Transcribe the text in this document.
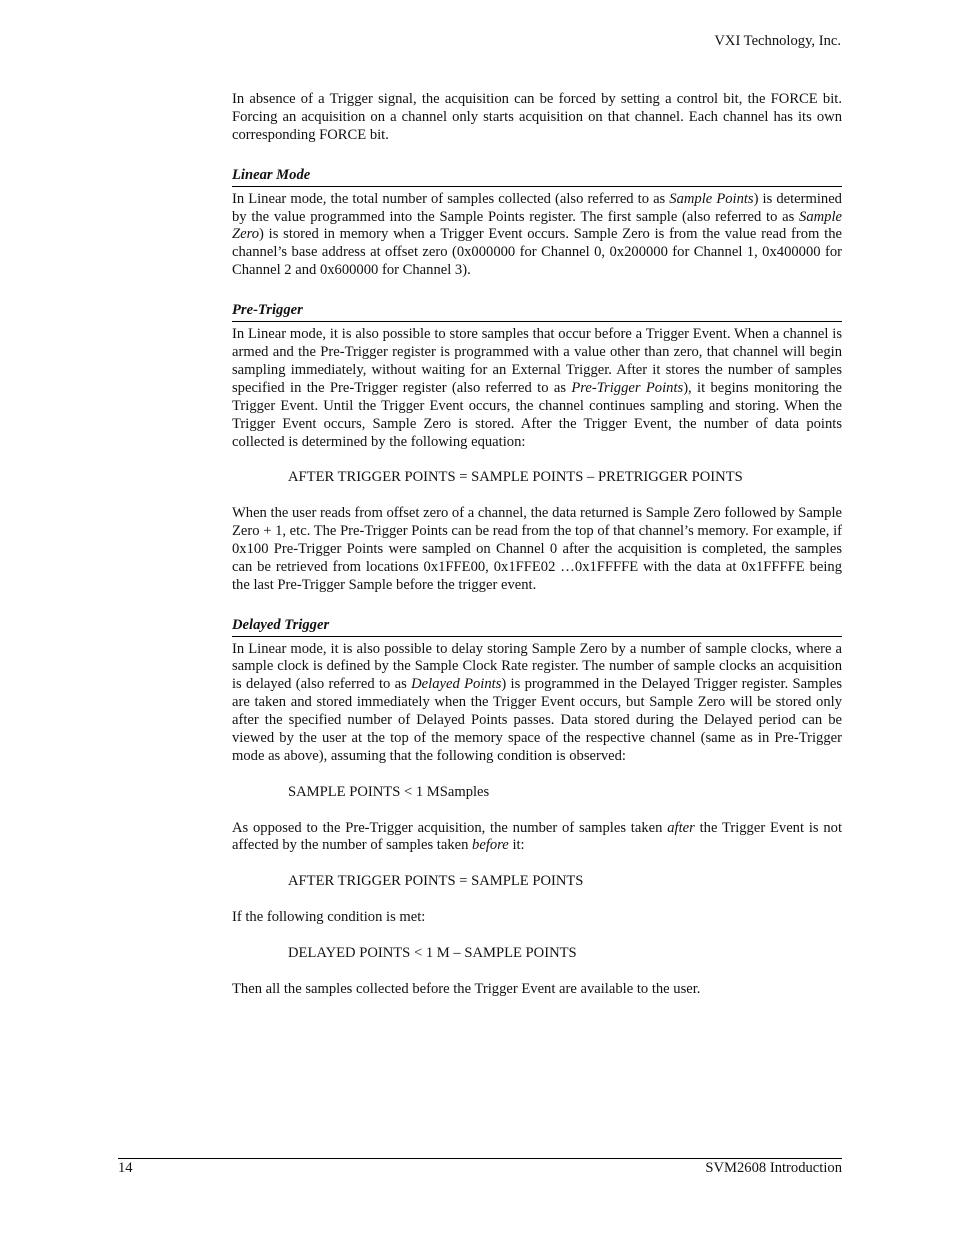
VXI Technology, Inc.

In absence of a Trigger signal, the acquisition can be forced by setting a control bit, the FORCE bit. Forcing an acquisition on a channel only starts acquisition on that channel. Each channel has its own corresponding FORCE bit.

Linear Mode

In Linear mode, the total number of samples collected (also referred to as Sample Points) is determined by the value programmed into the Sample Points register. The first sample (also referred to as Sample Zero) is stored in memory when a Trigger Event occurs. Sample Zero is from the value read from the channel’s base address at offset zero (0x000000 for Channel 0, 0x200000 for Channel 1, 0x400000 for Channel 2 and 0x600000 for Channel 3).

Pre-Trigger

In Linear mode, it is also possible to store samples that occur before a Trigger Event. When a channel is armed and the Pre-Trigger register is programmed with a value other than zero, that channel will begin sampling immediately, without waiting for an External Trigger. After it stores the number of samples specified in the Pre-Trigger register (also referred to as Pre-Trigger Points), it begins monitoring the Trigger Event. Until the Trigger Event occurs, the channel continues sampling and storing. When the Trigger Event occurs, Sample Zero is stored. After the Trigger Event, the number of data points collected is determined by the following equation:

AFTER TRIGGER POINTS = SAMPLE POINTS – PRETRIGGER POINTS

When the user reads from offset zero of a channel, the data returned is Sample Zero followed by Sample Zero + 1, etc. The Pre-Trigger Points can be read from the top of that channel’s memory. For example, if 0x100 Pre-Trigger Points were sampled on Channel 0 after the acquisition is completed, the samples can be retrieved from locations 0x1FFE00, 0x1FFE02 …0x1FFFFE with the data at 0x1FFFFE being the last Pre-Trigger Sample before the trigger event.

Delayed Trigger

In Linear mode, it is also possible to delay storing Sample Zero by a number of sample clocks, where a sample clock is defined by the Sample Clock Rate register. The number of sample clocks an acquisition is delayed (also referred to as Delayed Points) is programmed in the Delayed Trigger register. Samples are taken and stored immediately when the Trigger Event occurs, but Sample Zero will be stored only after the specified number of Delayed Points passes. Data stored during the Delayed period can be viewed by the user at the top of the memory space of the respective channel (same as in Pre-Trigger mode as above), assuming that the following condition is observed:

SAMPLE POINTS < 1 MSamples

As opposed to the Pre-Trigger acquisition, the number of samples taken after the Trigger Event is not affected by the number of samples taken before it:

AFTER TRIGGER POINTS = SAMPLE POINTS

If the following condition is met:

DELAYED POINTS < 1 M – SAMPLE POINTS

Then all the samples collected before the Trigger Event are available to the user.

14	SVM2608 Introduction
